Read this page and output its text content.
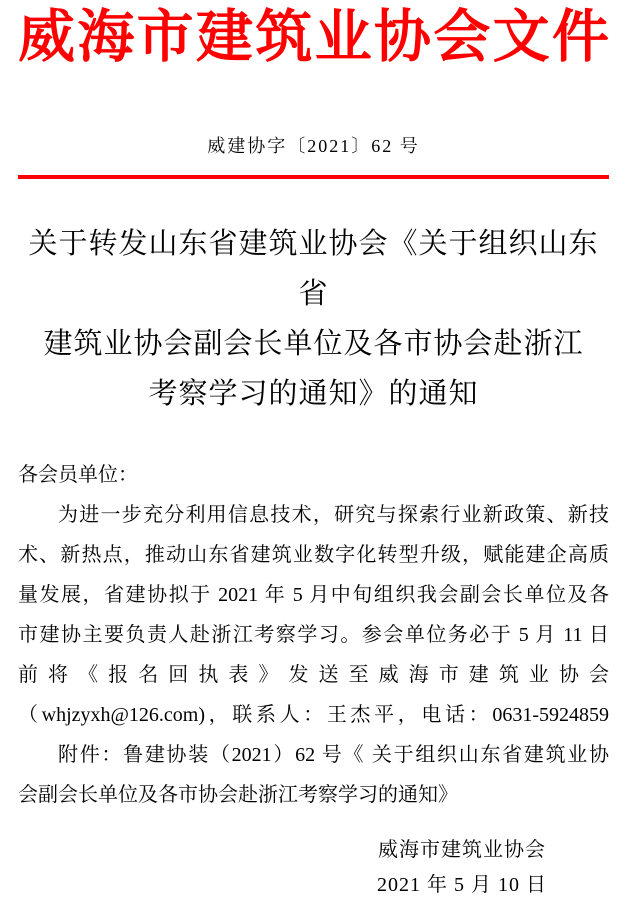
威海市建筑业协会文件
威建协字〔2021〕62 号
关于转发山东省建筑业协会《关于组织山东省
建筑业协会副会长单位及各市协会赴浙江
考察学习的通知》的通知
各会员单位：
为进一步充分利用信息技术，研究与探索行业新政策、新技
术、新热点，推动山东省建筑业数字化转型升级，赋能建企高质
量发展，省建协拟于 2021 年 5 月中旬组织我会副会长单位及各
市建协主要负责人赴浙江考察学习。参会单位务必于 5 月 11 日
前将《报名回执表》发送至威海市建筑业协会
（whjzyxh@126.com)，联系人：王杰平，电话：0631-5924859
附件：鲁建协装（2021）62 号《 关于组织山东省建筑业协
会副会长单位及各市协会赴浙江考察学习的通知》
威海市建筑业协会
2021 年 5 月 10 日
